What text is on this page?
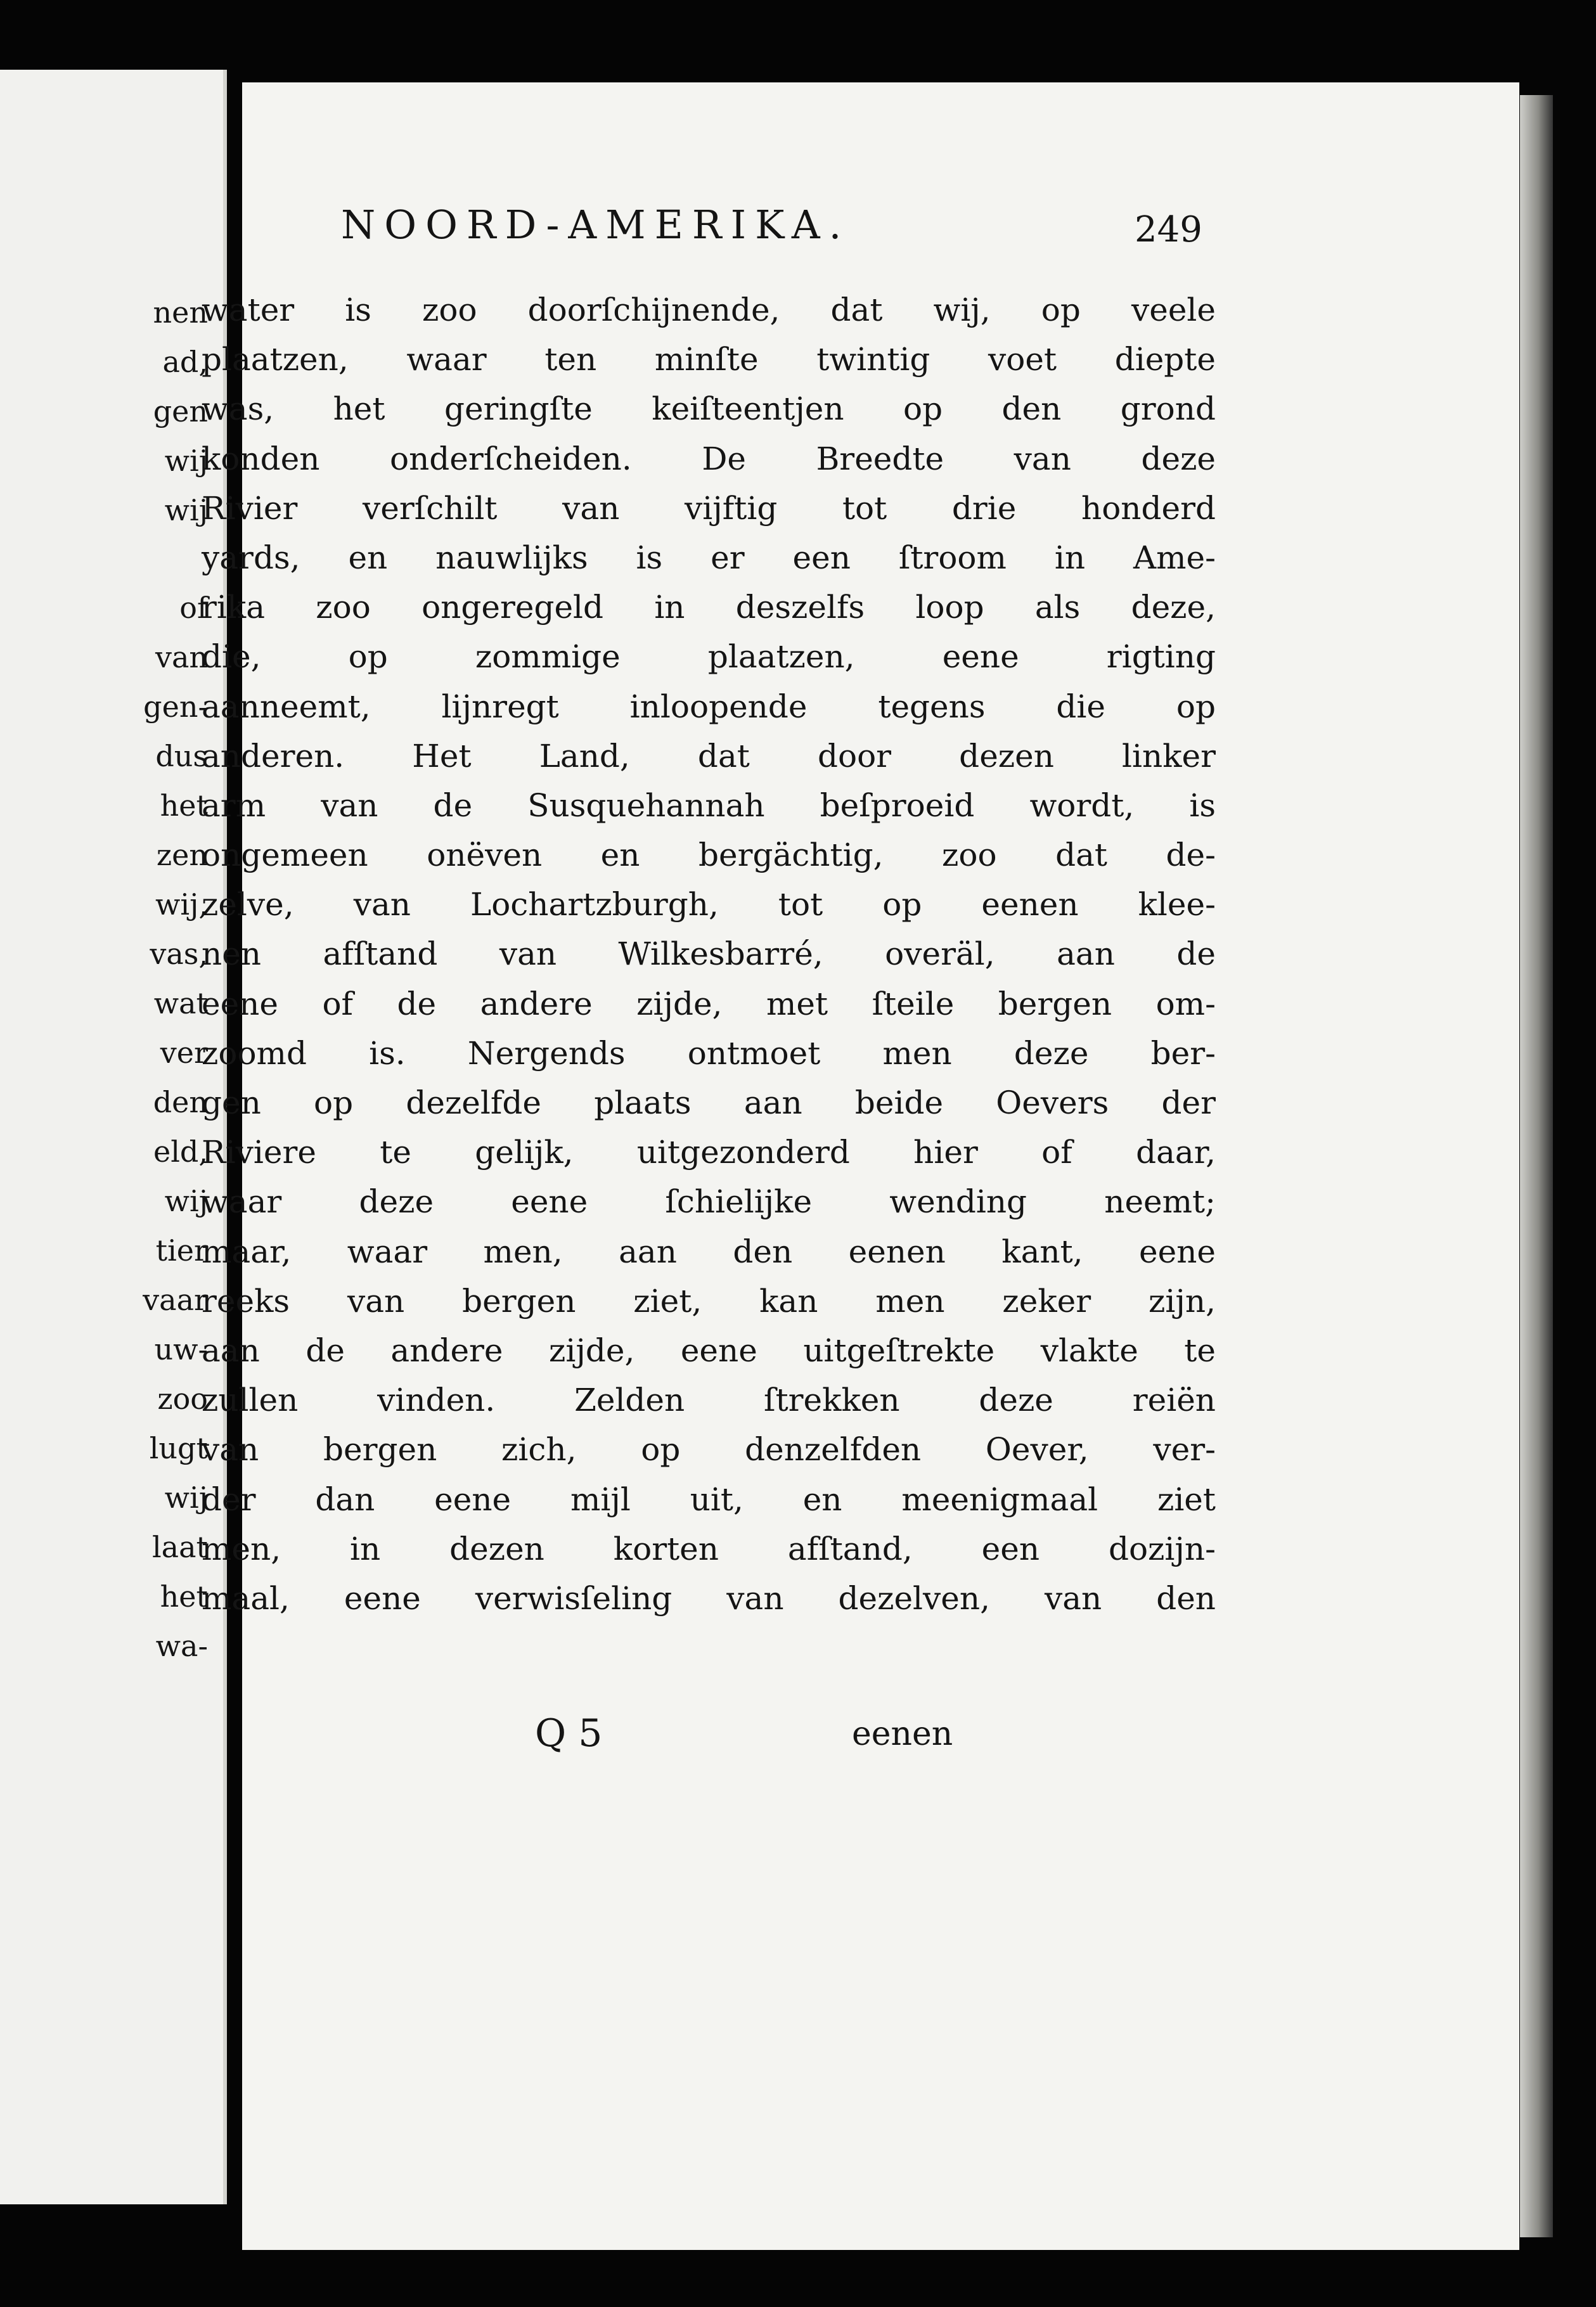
nen
ad,
gen
wij
wij
of
van
gen-
dus
het
zen
wij,
vas,
wat
ver
den
eld,
wij
tier
vaar
uw-
zoo
lugt
wij
laat
het
wa-
NOORD-AMERIKA.	249
water is zoo doorſchijnende, dat wij, op veele
plaatzen, waar ten minſte twintig voet diepte
was, het geringſte keiſteentjen op den grond
konden onderſcheiden. De Breedte van deze
Rivier verſchilt van vijftig tot drie honderd
yards, en nauwlijks is er een ſtroom in Ame-
rika zoo ongeregeld in deszelfs loop als deze,
die, op zommige plaatzen, eene rigting
aanneemt, lijnregt inloopende tegens die op
anderen. Het Land, dat door dezen linker
arm van de Susquehannah beſproeid wordt, is
ongemeen onëven en bergächtig, zoo dat de-
zelve, van Lochartzburgh, tot op eenen klee-
nen afſtand van Wilkesbarré, overäl, aan de
eene of de andere zijde, met ſteile bergen om-
zoomd is. Nergends ontmoet men deze ber-
gen op dezelfde plaats aan beide Oevers der
Riviere te gelijk, uitgezonderd hier of daar,
waar deze eene ſchielijke wending neemt;
maar, waar men, aan den eenen kant, eene
reeks van bergen ziet, kan men zeker zijn,
aan de andere zijde, eene uitgeſtrekte vlakte te
zullen vinden. Zelden ſtrekken deze reiën
van bergen zich, op denzelfden Oever, ver-
der dan eene mijl uit, en meenigmaal ziet
men, in dezen korten afſtand, een dozijn-
maal, eene verwisſeling van dezelven, van den
Q 5	eenen
